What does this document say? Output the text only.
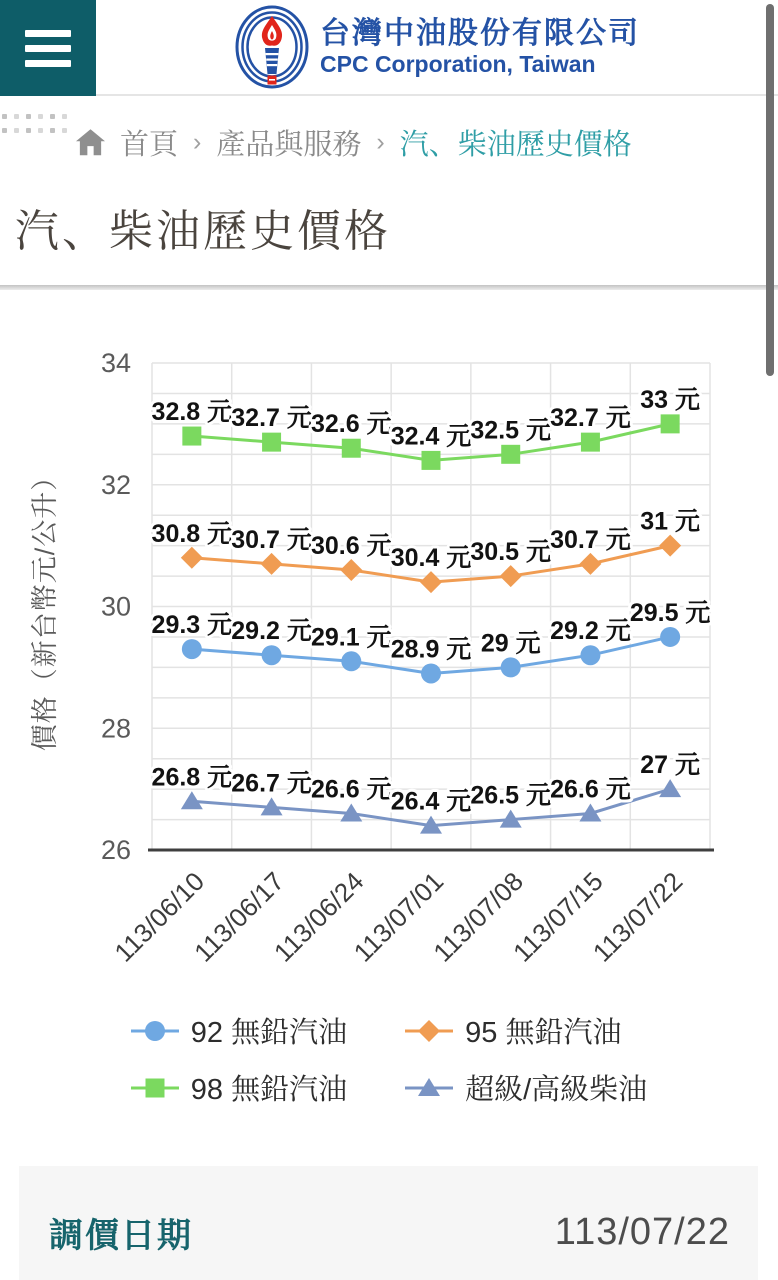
台灣中油股份有限公司
CPC Corporation, Taiwan
首頁 › 產品與服務 › 汽、柴油歷史價格
汽、柴油歷史價格
26
28
30
32
34
價格（新台幣元/公升）
113/06/10
113/06/17
113/06/24
113/07/01
113/07/08
113/07/15
113/07/22
29.3 元 29.2 元 29.1 元 28.9 元 29 元 29.2 元
29.5 元
30.8 元 30.7 元 30.6 元 30.4 元 30.5 元 30.7 元
31 元
32.8 元 32.7 元 32.6 元 32.4 元 32.5 元 32.7 元
33 元
26.8 元 26.7 元 26.6 元 26.4 元 26.5 元 26.6 元
27 元
92 無鉛汽油	95 無鉛汽油
98 無鉛汽油	超級/高級柴油
調價日期	113/07/22
